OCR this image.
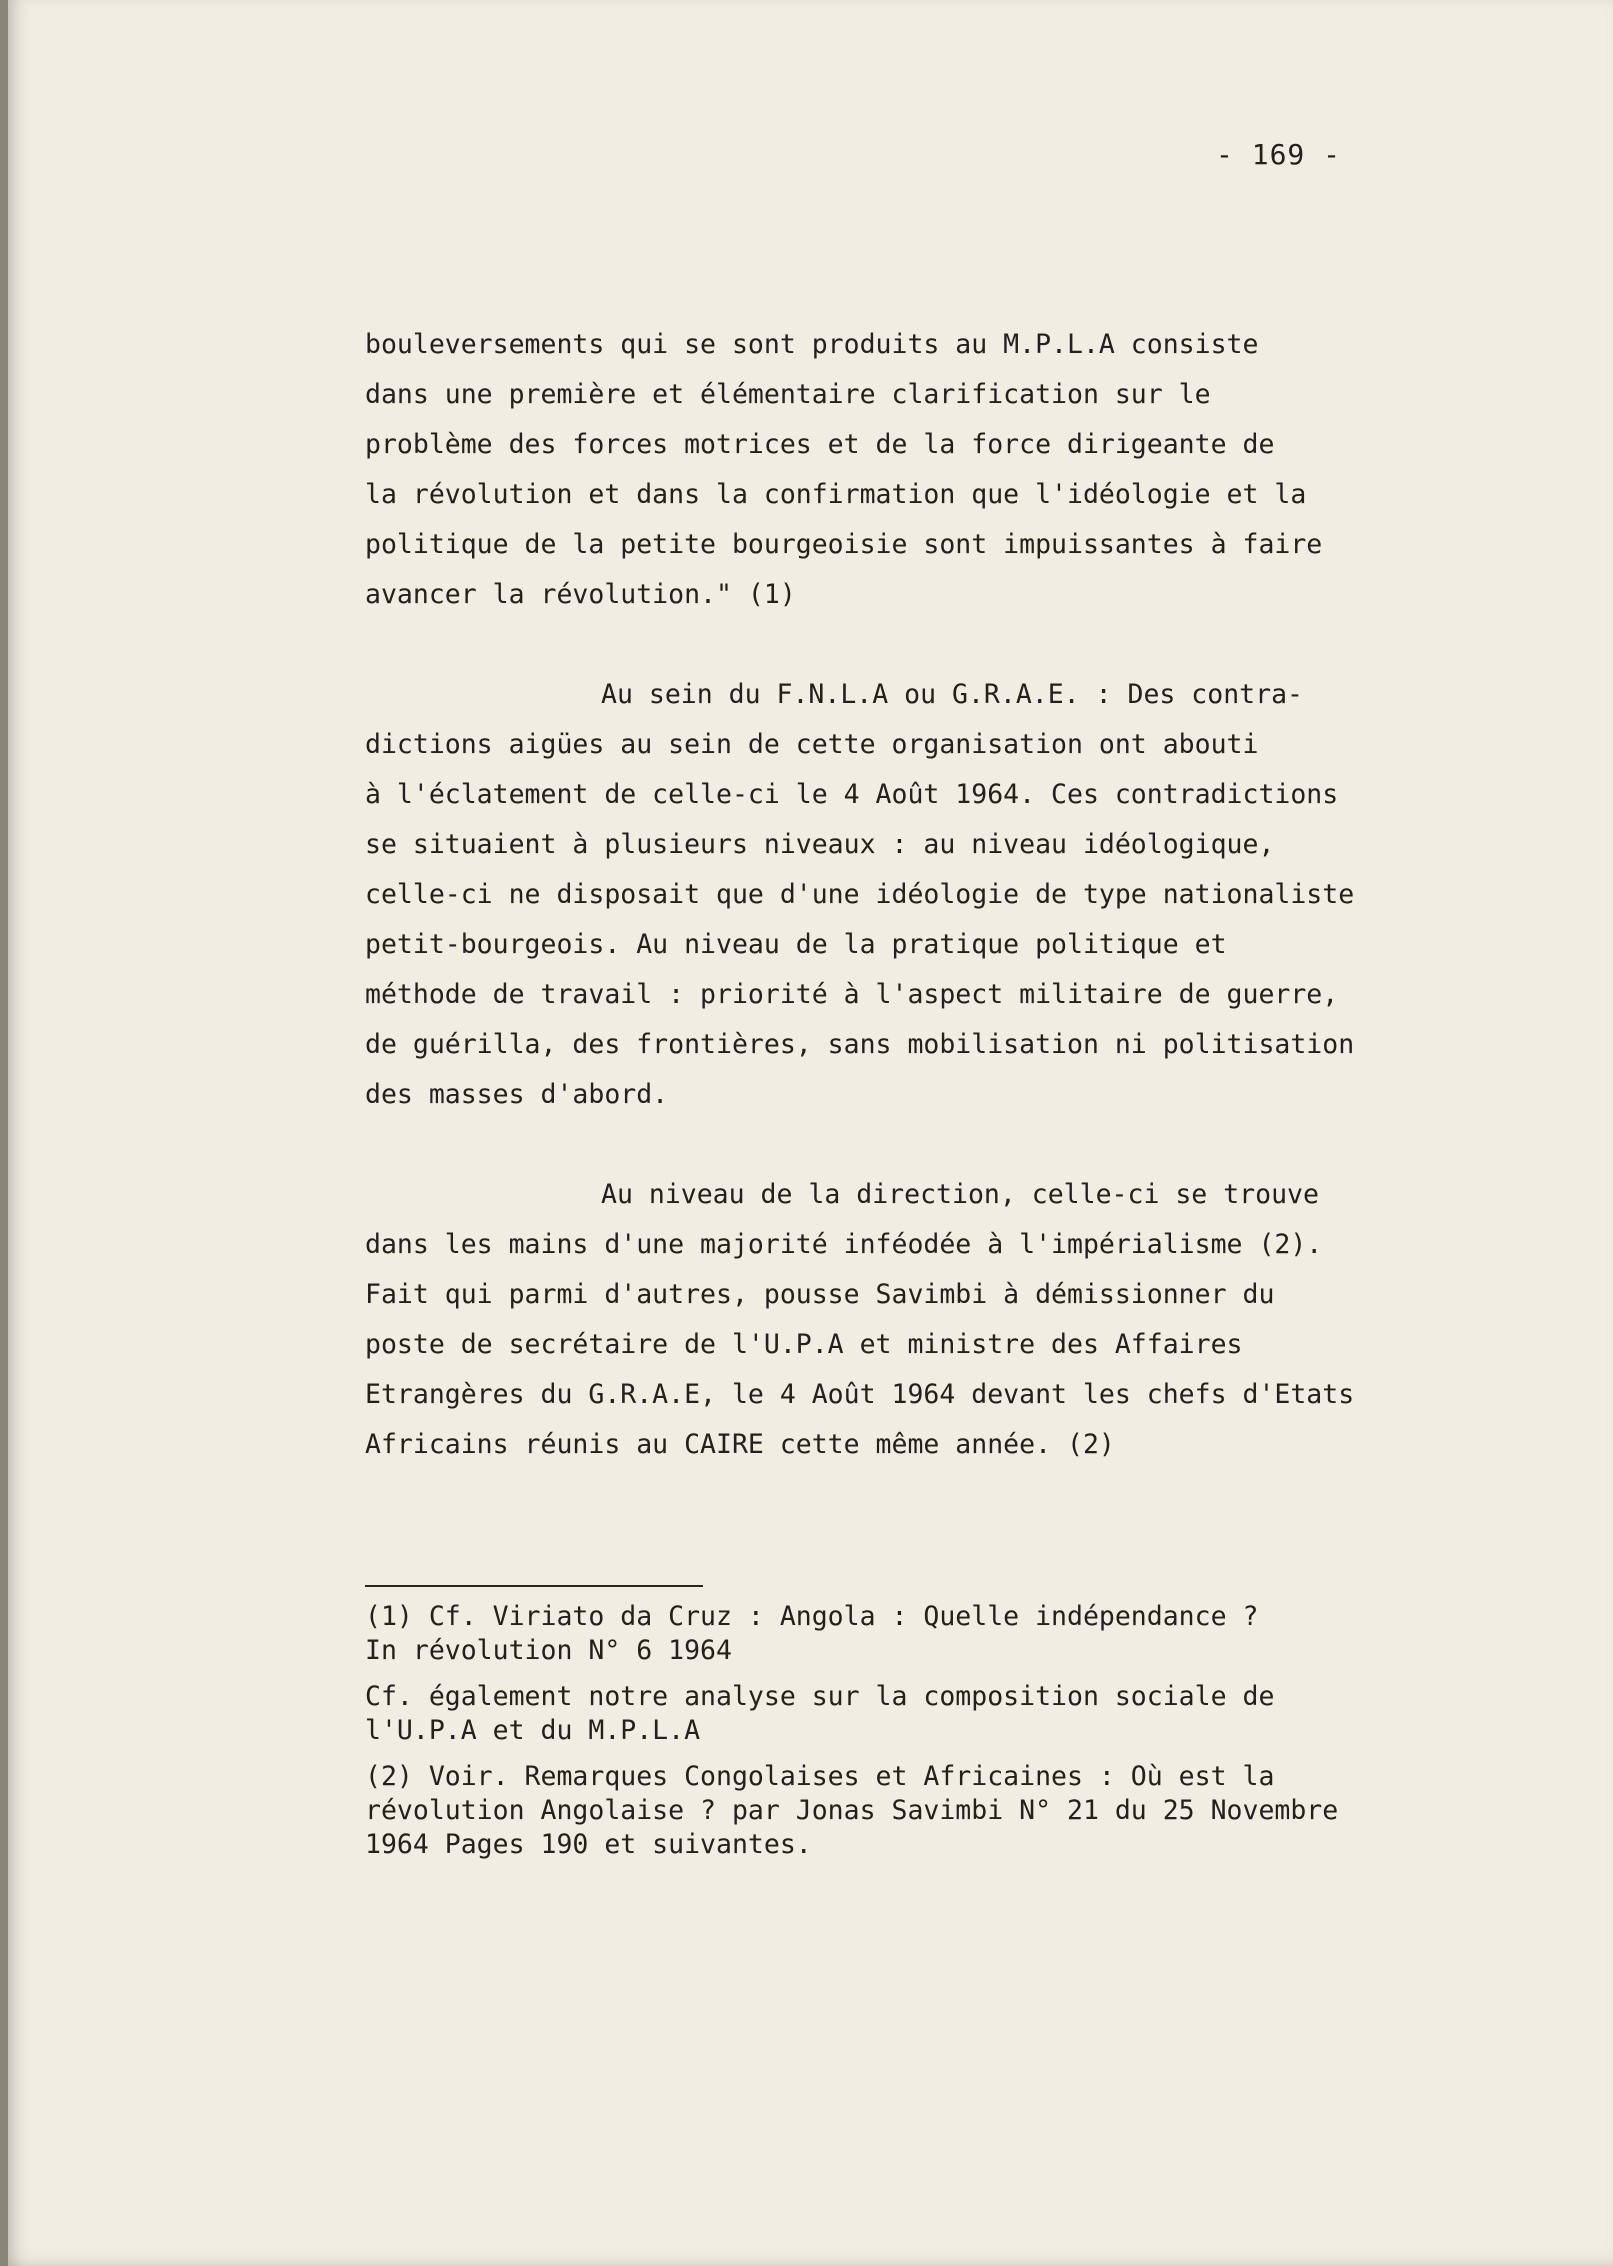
- 169 -
bouleversements qui se sont produits au M.P.L.A consiste
dans une première et élémentaire clarification sur le
problème des forces motrices et de la force dirigeante de
la révolution et dans la confirmation que l'idéologie et la
politique de la petite bourgeoisie sont impuissantes à faire
avancer la révolution." (1)
Au sein du F.N.L.A ou G.R.A.E. : Des contra-
dictions aigües au sein de cette organisation ont abouti
à l'éclatement de celle-ci le 4 Août 1964. Ces contradictions
se situaient à plusieurs niveaux : au niveau idéologique,
celle-ci ne disposait que d'une idéologie de type nationaliste
petit-bourgeois. Au niveau de la pratique politique et
méthode de travail : priorité à l'aspect militaire de guerre,
de guérilla, des frontières, sans mobilisation ni politisation
des masses d'abord.
Au niveau de la direction, celle-ci se trouve
dans les mains d'une majorité inféodée à l'impérialisme (2).
Fait qui parmi d'autres, pousse Savimbi à démissionner du
poste de secrétaire de l'U.P.A et ministre des Affaires
Etrangères du G.R.A.E, le 4 Août 1964 devant les chefs d'Etats
Africains réunis au CAIRE cette même année. (2)
(1) Cf. Viriato da Cruz : Angola : Quelle indépendance ?
In révolution N° 6 1964
Cf. également notre analyse sur la composition sociale de
l'U.P.A et du M.P.L.A
(2) Voir. Remarques Congolaises et Africaines : Où est la
révolution Angolaise ? par Jonas Savimbi N° 21 du 25 Novembre
1964 Pages 190 et suivantes.
